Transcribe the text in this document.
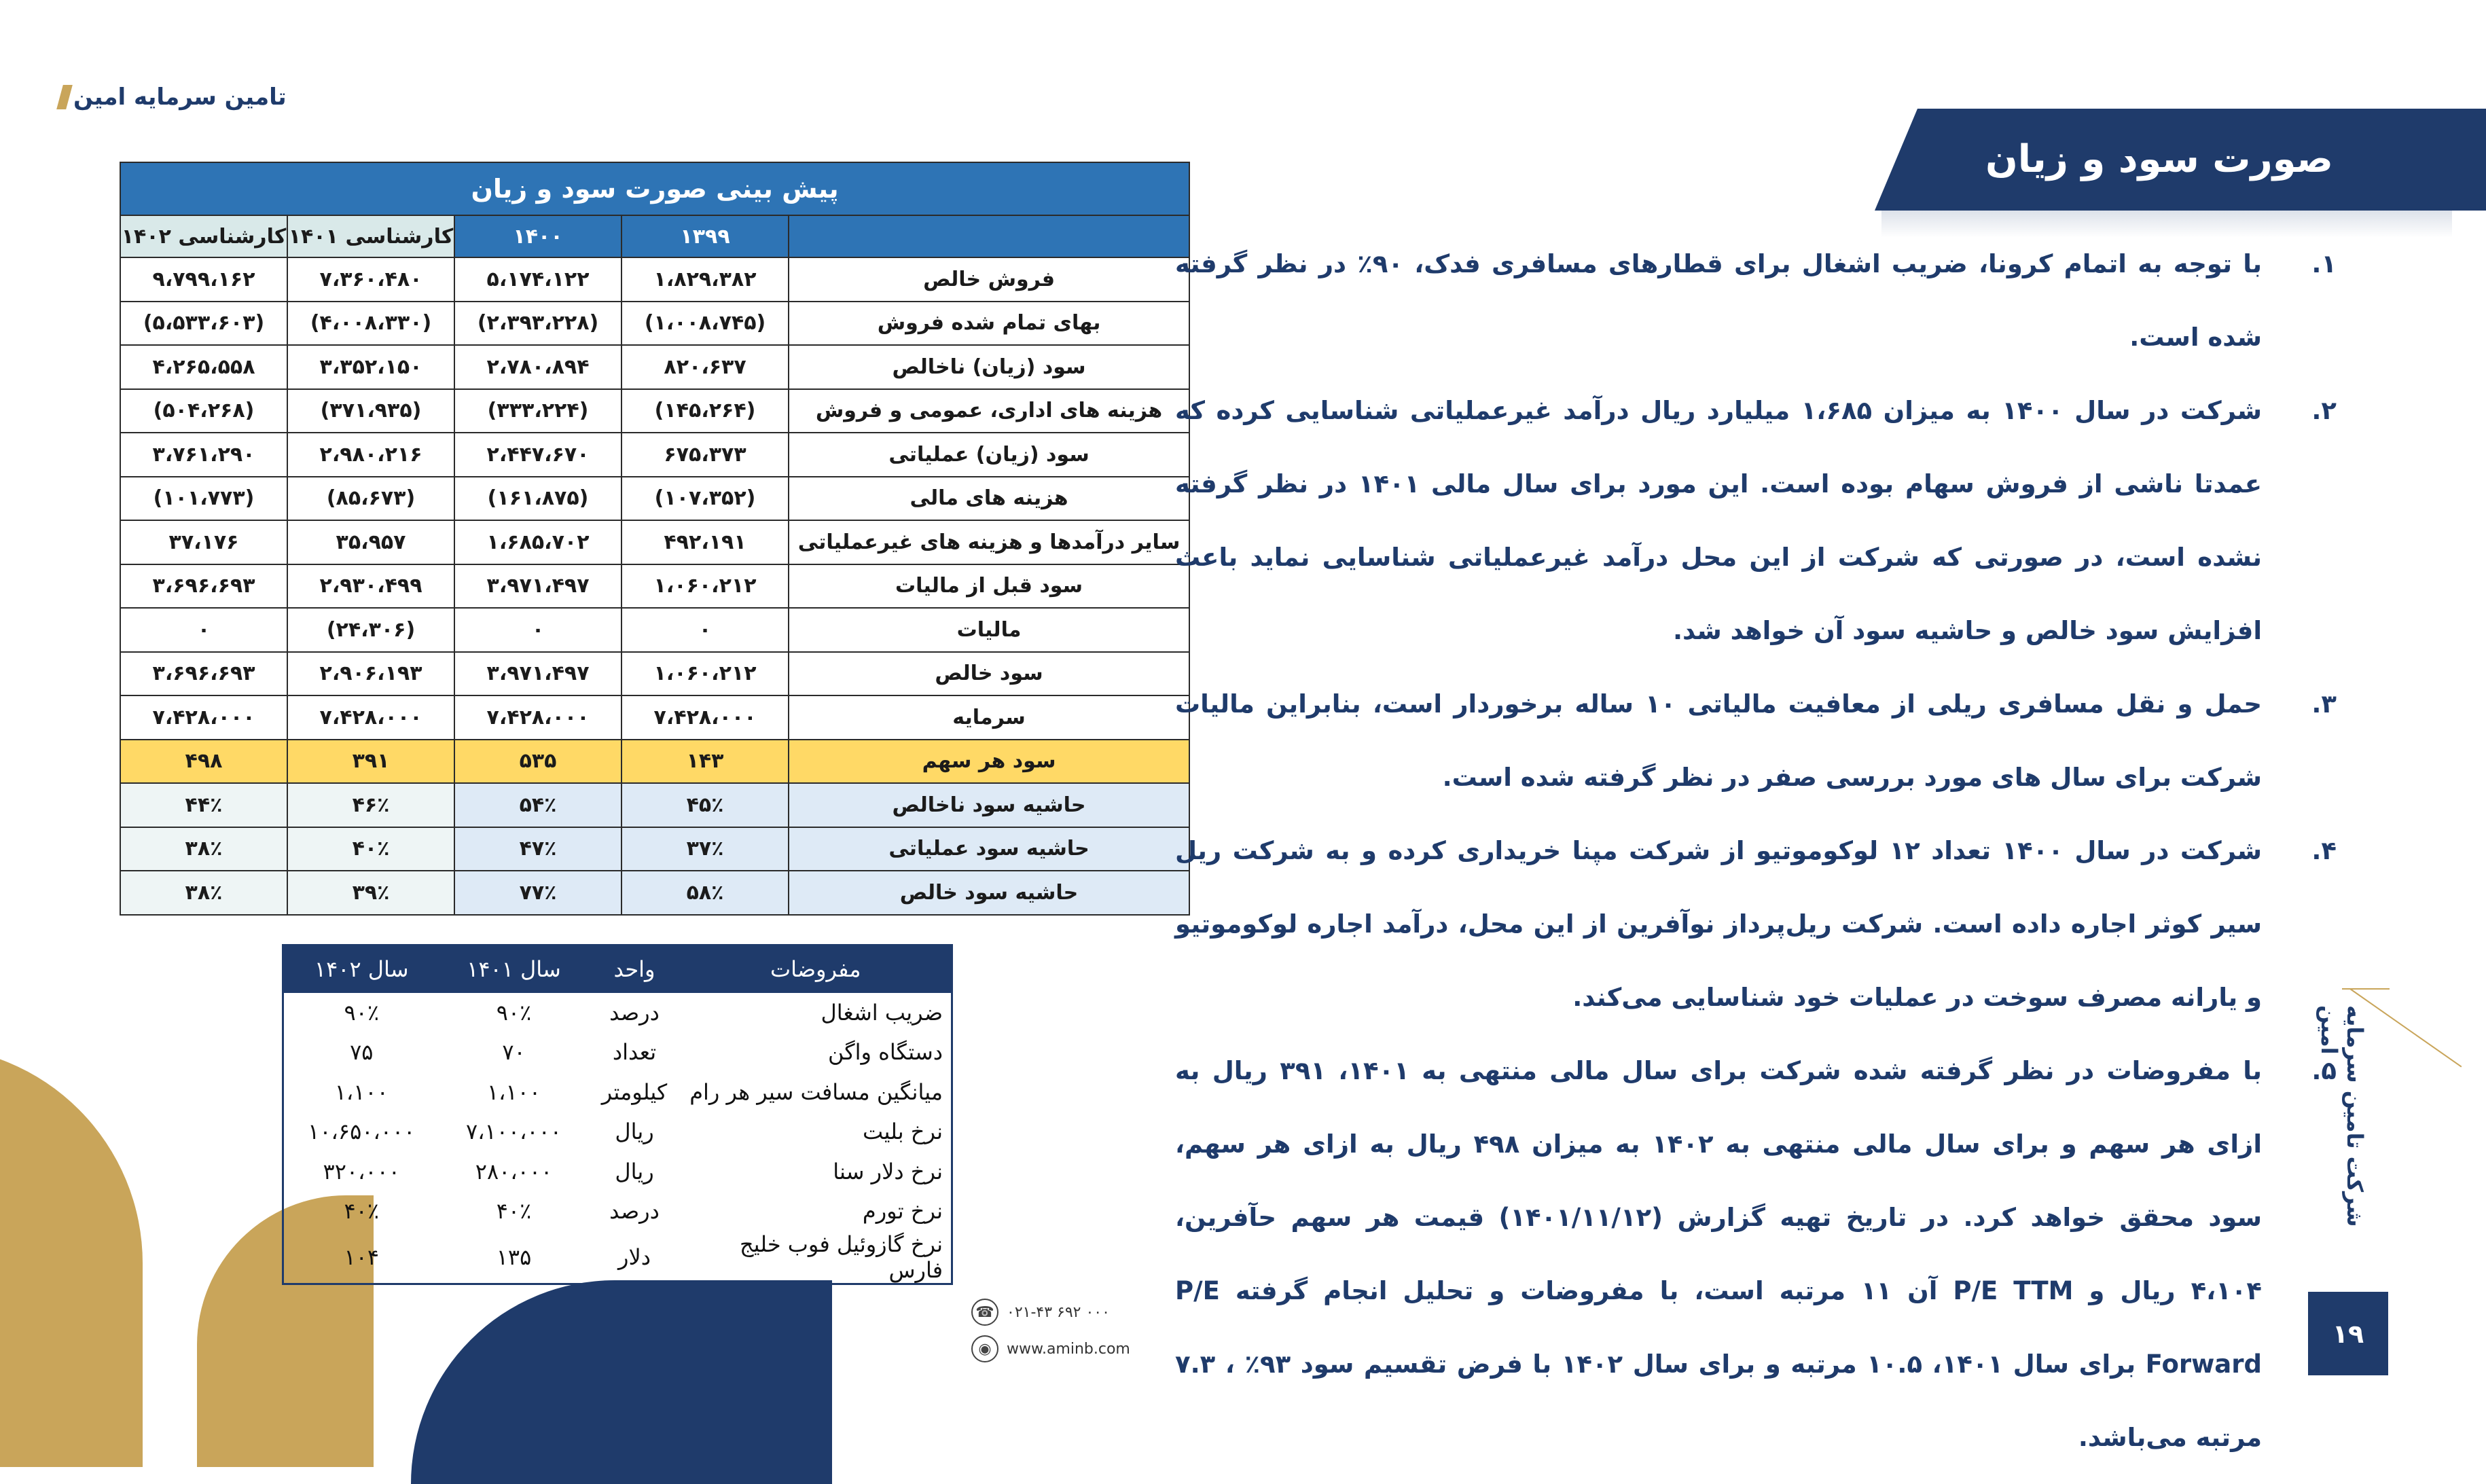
تامین سرمایه امین
صورت سود و زیان
پیش بینی صورت سود و زیان				
	۱۳۹۹	۱۴۰۰	کارشناسی ۱۴۰۱	کارشناسی ۱۴۰۲
فروش خالص	۱،۸۲۹،۳۸۲	۵،۱۷۴،۱۲۲	۷،۳۶۰،۴۸۰	۹،۷۹۹،۱۶۲
بهای تمام شده فروش	(۱،۰۰۸،۷۴۵)	(۲،۳۹۳،۲۲۸)	(۴،۰۰۸،۳۳۰)	(۵،۵۳۳،۶۰۳)
سود (زیان) ناخالص	۸۲۰،۶۳۷	۲،۷۸۰،۸۹۴	۳،۳۵۲،۱۵۰	۴،۲۶۵،۵۵۸
هزینه های اداری، عمومی و فروش	(۱۴۵،۲۶۴)	(۳۳۳،۲۲۴)	(۳۷۱،۹۳۵)	(۵۰۴،۲۶۸)
سود (زیان) عملیاتی	۶۷۵،۳۷۳	۲،۴۴۷،۶۷۰	۲،۹۸۰،۲۱۶	۳،۷۶۱،۲۹۰
هزینه های مالی	(۱۰۷،۳۵۲)	(۱۶۱،۸۷۵)	(۸۵،۶۷۳)	(۱۰۱،۷۷۳)
سایر درآمدها و هزینه های غیرعملیاتی	۴۹۲،۱۹۱	۱،۶۸۵،۷۰۲	۳۵،۹۵۷	۳۷،۱۷۶
سود قبل از مالیات	۱،۰۶۰،۲۱۲	۳،۹۷۱،۴۹۷	۲،۹۳۰،۴۹۹	۳،۶۹۶،۶۹۳
مالیات	۰	۰	(۲۴،۳۰۶)	۰
سود خالص	۱،۰۶۰،۲۱۲	۳،۹۷۱،۴۹۷	۲،۹۰۶،۱۹۳	۳،۶۹۶،۶۹۳
سرمایه	۷،۴۲۸،۰۰۰	۷،۴۲۸،۰۰۰	۷،۴۲۸،۰۰۰	۷،۴۲۸،۰۰۰
سود هر سهم	۱۴۳	۵۳۵	۳۹۱	۴۹۸
حاشیه سود ناخالص	۴۵٪	۵۴٪	۴۶٪	۴۴٪
حاشیه سود عملیاتی	۳۷٪	۴۷٪	۴۰٪	۳۸٪
حاشیه سود خالص	۵۸٪	۷۷٪	۳۹٪	۳۸٪
مفروضات	واحد	سال ۱۴۰۱	سال ۱۴۰۲
ضریب اشغال	درصد	۹۰٪	۹۰٪
دستگاه واگن	تعداد	۷۰	۷۵
میانگین مسافت سیر هر رام	کیلومتر	۱،۱۰۰	۱،۱۰۰
نرخ بلیت	ریال	۷،۱۰۰،۰۰۰	۱۰،۶۵۰،۰۰۰
نرخ دلار سنا	ریال	۲۸۰،۰۰۰	۳۲۰،۰۰۰
نرخ تورم	درصد	۴۰٪	۴۰٪
نرخ گازوئیل فوب خلیج فارس	دلار	۱۳۵	۱۰۴
☎ ۰۲۱-۴۳ ۶۹۲ ۰۰۰
◉	www.aminb.com
.۱
با توجه به اتمام کرونا، ضریب اشغال برای قطارهای مسافری فدک، ۹۰٪ در نظر گرفته شده است.
.۲
شرکت در سال ۱۴۰۰ به میزان ۱،۶۸۵ میلیارد ریال درآمد غیرعملیاتی شناسایی کرده که عمدتا ناشی از فروش سهام بوده است. این مورد برای سال مالی ۱۴۰۱ در نظر گرفته نشده است، در صورتی که شرکت از این محل درآمد غیرعملیاتی شناسایی نماید باعث افزایش سود خالص و حاشیه سود آن خواهد شد.
.۳
حمل و نقل مسافری ریلی از معافیت مالیاتی ۱۰ ساله برخوردار است، بنابراین مالیات شرکت برای سال های مورد بررسی صفر در نظر گرفته شده است.
.۴
شرکت در سال ۱۴۰۰ تعداد ۱۲ لوکوموتیو از شرکت مپنا خریداری کرده و به شرکت ریل سیر کوثر اجاره داده است. شرکت ریل‌پرداز نوآفرین از این محل، درآمد اجاره لوکوموتیو و یارانه مصرف سوخت در عملیات خود شناسایی می‌کند.
.۵
با مفروضات در نظر گرفته شده شرکت برای سال مالی منتهی به ۱۴۰۱، ۳۹۱ ریال به ازای هر سهم و برای سال مالی منتهی به ۱۴۰۲ به میزان ۴۹۸ ریال به ازای هر سهم، سود محقق خواهد کرد. در تاریخ تهیه گزارش (۱۴۰۱/۱۱/۱۲) قیمت هر سهم حآفرین، ۴،۱۰۴ ریال و P/E TTM آن ۱۱ مرتبه است، با مفروضات و تحلیل انجام گرفته P/E Forward برای سال ۱۴۰۱، ۱۰.۵ مرتبه و برای سال ۱۴۰۲ با فرض تقسیم سود ۹۳٪ ، ۷.۳ مرتبه می‌باشد.
شرکت تامین سرمایه امین
۱۹
